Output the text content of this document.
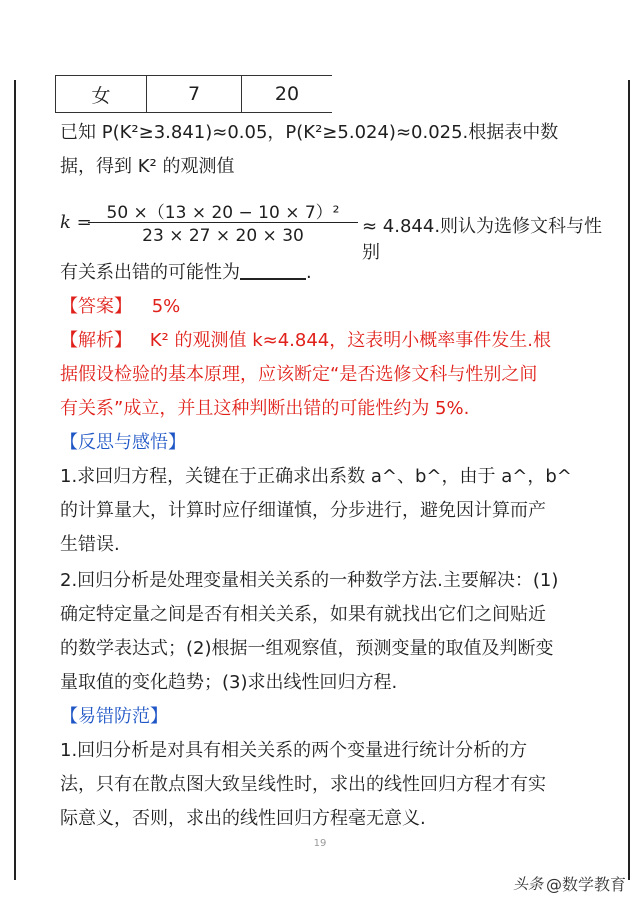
女	7	20
已知 P(K²≥3.841)≈0.05，P(K²≥5.024)≈0.025.根据表中数
据，得到 K² 的观测值
k = 50 ×（13 × 20 − 10 × 7）²
23 × 27 × 20 × 30	≈ 4.844.则认为选修文科与性别
有关系出错的可能性为	.
【答案】 5%
【解析】 K² 的观测值 k≈4.844，这表明小概率事件发生.根
据假设检验的基本原理，应该断定“是否选修文科与性别之间
有关系”成立，并且这种判断出错的可能性约为 5%.
【反思与感悟】
1.求回归方程，关键在于正确求出系数 a^、b^，由于 a^，b^
的计算量大，计算时应仔细谨慎，分步进行，避免因计算而产
生错误.
2.回归分析是处理变量相关关系的一种数学方法.主要解决：(1)
确定特定量之间是否有相关关系，如果有就找出它们之间贴近
的数学表达式；(2)根据一组观察值，预测变量的取值及判断变
量取值的变化趋势；(3)求出线性回归方程.
【易错防范】
1.回归分析是对具有相关关系的两个变量进行统计分析的方
法，只有在散点图大致呈线性时，求出的线性回归方程才有实
际意义，否则，求出的线性回归方程毫无意义.
19
头条 @数学教育
